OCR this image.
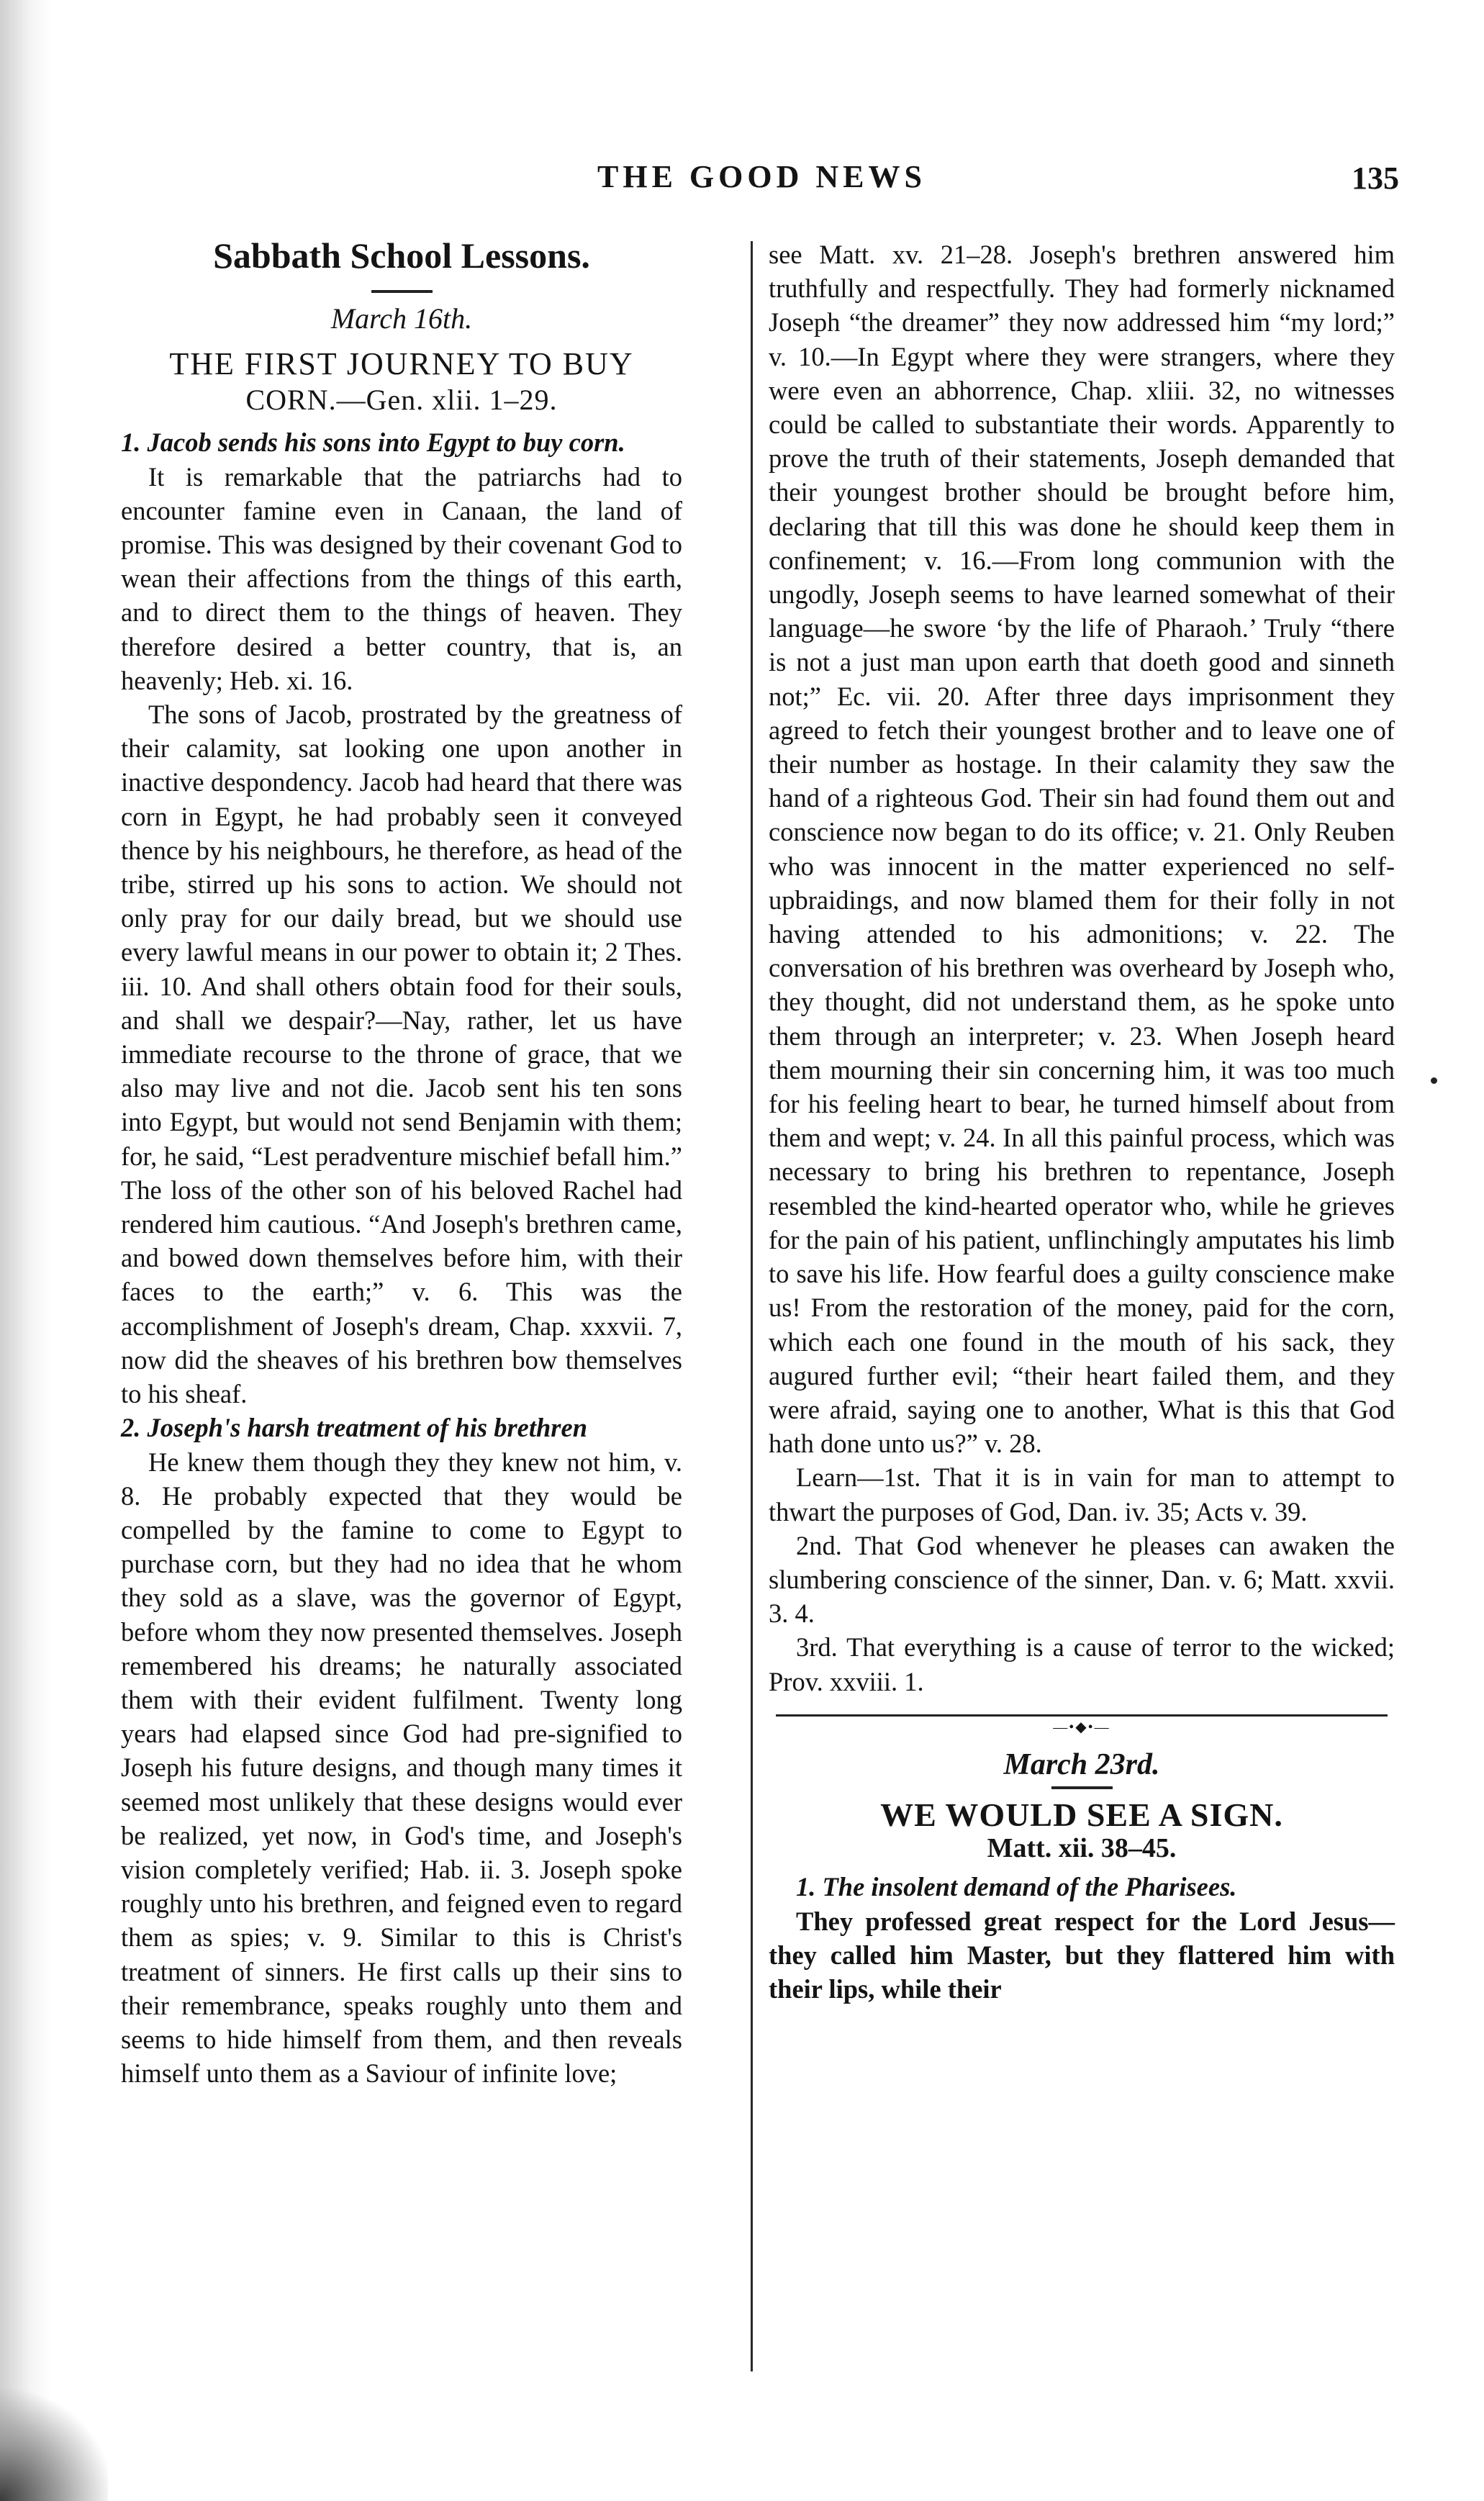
THE GOOD NEWS	135
Sabbath School Lessons.
March 16th.
THE FIRST JOURNEY TO BUY
CORN.—Gen. xlii. 1–29.

1. Jacob sends his sons into Egypt to buy corn.

It is remarkable that the patriarchs had to encounter famine even in Canaan, the land of promise. This was designed by their covenant God to wean their affections from the things of this earth, and to direct them to the things of heaven. They therefore desired a better country, that is, an heavenly; Heb. xi. 16.

The sons of Jacob, prostrated by the greatness of their calamity, sat looking one upon another in inactive despondency. Jacob had heard that there was corn in Egypt, he had probably seen it conveyed thence by his neighbours, he therefore, as head of the tribe, stirred up his sons to action. We should not only pray for our daily bread, but we should use every lawful means in our power to obtain it; 2 Thes. iii. 10. And shall others obtain food for their souls, and shall we despair?—Nay, rather, let us have immediate recourse to the throne of grace, that we also may live and not die. Jacob sent his ten sons into Egypt, but would not send Benjamin with them; for, he said, “Lest peradventure mischief befall him.” The loss of the other son of his beloved Rachel had rendered him cautious. “And Joseph's brethren came, and bowed down themselves before him, with their faces to the earth;” v. 6. This was the accomplishment of Joseph's dream, Chap. xxxvii. 7, now did the sheaves of his brethren bow themselves to his sheaf.

2. Joseph's harsh treatment of his brethren

He knew them though they they knew not him, v. 8. He probably expected that they would be compelled by the famine to come to Egypt to purchase corn, but they had no idea that he whom they sold as a slave, was the governor of Egypt, before whom they now presented themselves. Joseph remembered his dreams; he naturally associated them with their evident fulfilment. Twenty long years had elapsed since God had pre-signified to Joseph his future designs, and though many times it seemed most unlikely that these designs would ever be realized, yet now, in God's time, and Joseph's vision completely verified; Hab. ii. 3. Joseph spoke roughly unto his brethren, and feigned even to regard them as spies; v. 9. Similar to this is Christ's treatment of sinners. He first calls up their sins to their remembrance, speaks roughly unto them and seems to hide himself from them, and then reveals himself unto them as a Saviour of infinite love;

see Matt. xv. 21–28. Joseph's brethren answered him truthfully and respectfully. They had formerly nicknamed Joseph “the dreamer” they now addressed him “my lord;” v. 10.—In Egypt where they were strangers, where they were even an abhorrence, Chap. xliii. 32, no witnesses could be called to substantiate their words. Apparently to prove the truth of their statements, Joseph demanded that their youngest brother should be brought before him, declaring that till this was done he should keep them in confinement; v. 16.—From long communion with the ungodly, Joseph seems to have learned somewhat of their language—he swore ‘by the life of Pharaoh.’ Truly “there is not a just man upon earth that doeth good and sinneth not;” Ec. vii. 20. After three days imprisonment they agreed to fetch their youngest brother and to leave one of their number as hostage. In their calamity they saw the hand of a righteous God. Their sin had found them out and conscience now began to do its office; v. 21. Only Reuben who was innocent in the matter experienced no self-upbraidings, and now blamed them for their folly in not having attended to his admonitions; v. 22. The conversation of his brethren was overheard by Joseph who, they thought, did not understand them, as he spoke unto them through an interpreter; v. 23. When Joseph heard them mourning their sin concerning him, it was too much for his feeling heart to bear, he turned himself about from them and wept; v. 24. In all this painful process, which was necessary to bring his brethren to repentance, Joseph resembled the kind-hearted operator who, while he grieves for the pain of his patient, unflinchingly amputates his limb to save his life. How fearful does a guilty conscience make us! From the restoration of the money, paid for the corn, which each one found in the mouth of his sack, they augured further evil; “their heart failed them, and they were afraid, saying one to another, What is this that God hath done unto us?” v. 28.

Learn—1st. That it is in vain for man to attempt to thwart the purposes of God, Dan. iv. 35; Acts v. 39.

2nd. That God whenever he pleases can awaken the slumbering conscience of the sinner, Dan. v. 6; Matt. xxvii. 3. 4.

3rd. That everything is a cause of terror to the wicked; Prov. xxviii. 1.

—•◆•—
March 23rd.
WE WOULD SEE A SIGN.
Matt. xii. 38–45.

1. The insolent demand of the Pharisees.

They professed great respect for the Lord Jesus—they called him Master, but they flattered him with their lips, while their
